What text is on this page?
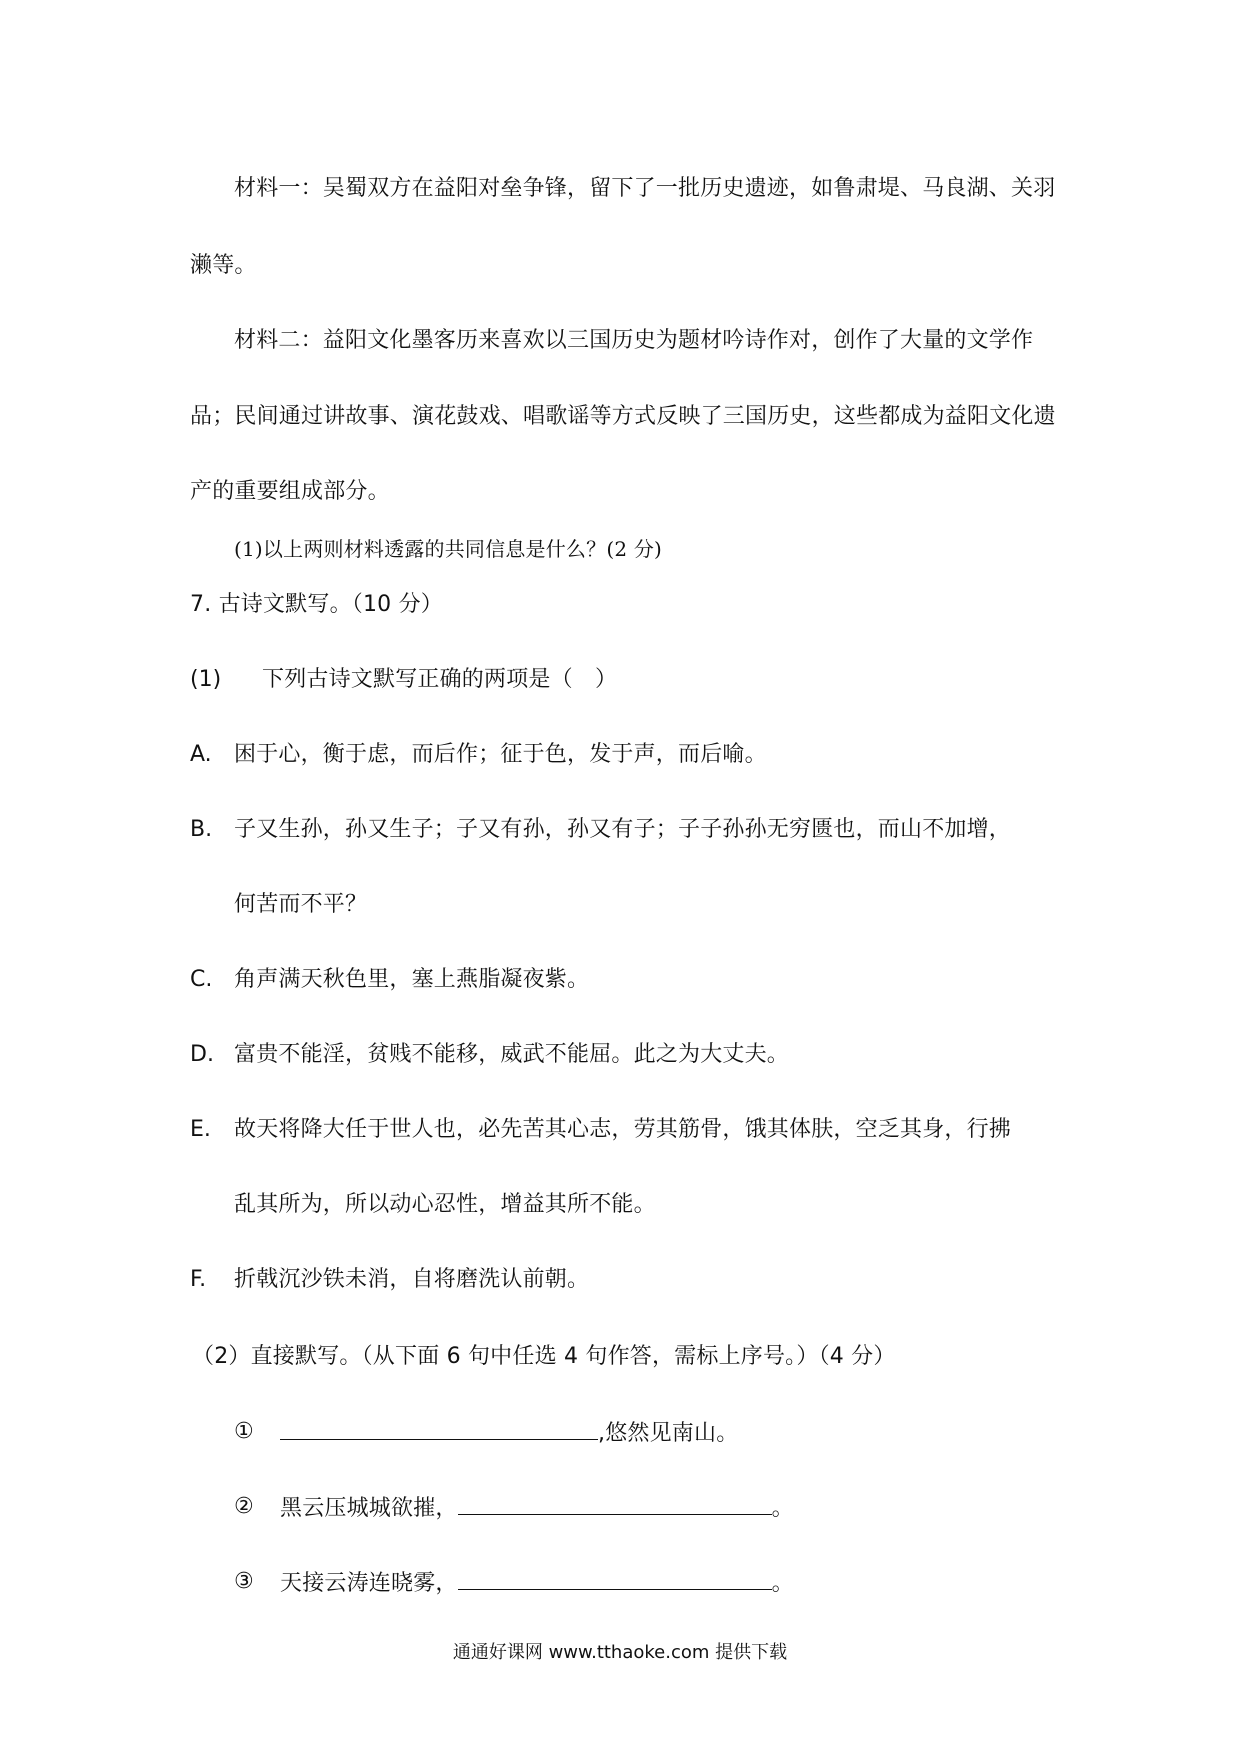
材料一：吴蜀双方在益阳对垒争锋，留下了一批历史遗迹，如鲁肃堤、马良湖、关羽
濑等。
材料二：益阳文化墨客历来喜欢以三国历史为题材吟诗作对，创作了大量的文学作
品；民间通过讲故事、演花鼓戏、唱歌谣等方式反映了三国历史，这些都成为益阳文化遗
产的重要组成部分。
(1)以上两则材料透露的共同信息是什么？(2 分)
7. 古诗文默写。（10 分）
(1) 下列古诗文默写正确的两项是（　）
A. 困于心，衡于虑，而后作；征于色，发于声，而后喻。
B. 子又生孙，孙又生子；子又有孙，孙又有子；子子孙孙无穷匮也，而山不加增，
何苦而不平？
C. 角声满天秋色里，塞上燕脂凝夜紫。
D. 富贵不能淫，贫贱不能移，威武不能屈。此之为大丈夫。
E. 故天将降大任于世人也，必先苦其心志，劳其筋骨，饿其体肤，空乏其身，行拂
乱其所为，所以动心忍性，增益其所不能。
F. 折戟沉沙铁未消，自将磨洗认前朝。
（2）直接默写。（从下面 6 句中任选 4 句作答，需标上序号。）（4 分）
①	,悠然见南山。
② 黑云压城城欲摧，	。
③ 天接云涛连晓雾，	。
通通好课网 www.tthaoke.com 提供下载
